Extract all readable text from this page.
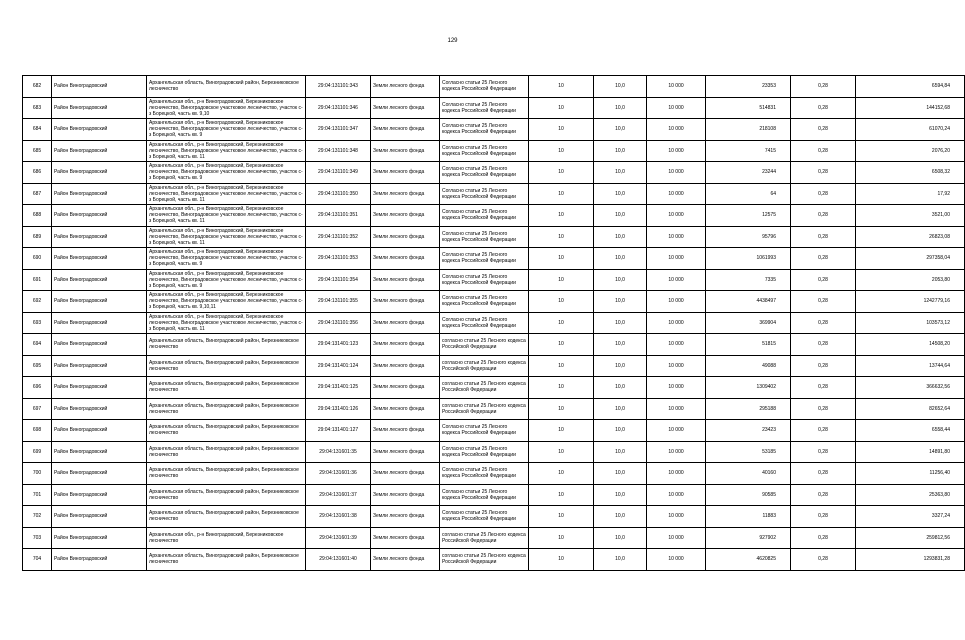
129
682	Район Виноградовский	Архангельская область, Виноградовский район, Березниковское лесничество	29:04:131101:343	Земли лесного фонда	Согласно статьи 25 Лесного кодекса Российской Федерации	10	10,0	10 000	23353	0,28	6594,84
683	Район Виноградовский	Архангельская обл., р-н Виноградовский, Березниковское лесничество, Виноградовское участковое лесничество, участок с-з Борецкой, часть кв. 9,10	29:04:131101:346	Земли лесного фонда	Согласно статьи 25 Лесного кодекса Российской Федерации	10	10,0	10 000	514831	0,28	144152,68
684	Район Виноградовский	Архангельская обл., р-н Виноградовский, Березниковское лесничество, Виноградовское участковое лесничество, участок с-з Борецкой, часть кв. 9	29:04:131101:347	Земли лесного фонда	Согласно статьи 25 Лесного кодекса Российской Федерации	10	10,0	10 000	218108	0,28	61070,24
685	Район Виноградовский	Архангельская обл., р-н Виноградовский, Березниковское лесничество, Виноградовское участковое лесничество, участок с-з Борецкой, часть кв. 11	29:04:131101:348	Земли лесного фонда	Согласно статьи 25 Лесного кодекса Российской Федерации	10	10,0	10 000	7415	0,28	2076,20
686	Район Виноградовский	Архангельская обл., р-н Виноградовский, Березниковское лесничество, Виноградовское участковое лесничество, участок с-з Борецкой, часть кв. 9	29:04:131101:349	Земли лесного фонда	Согласно статьи 25 Лесного кодекса Российской Федерации	10	10,0	10 000	23244	0,28	6508,32
687	Район Виноградовский	Архангельская обл., р-н Виноградовский, Березниковское лесничество, Виноградовское участковое лесничество, участок с-з Борецкой, часть кв. 11	29:04:131101:350	Земли лесного фонда	Согласно статьи 25 Лесного кодекса Российской Федерации	10	10,0	10 000	64	0,28	17,92
688	Район Виноградовский	Архангельская обл., р-н Виноградовский, Березниковское лесничество, Виноградовское участковое лесничество, участок с-з Борецкой, часть кв. 11	29:04:131101:351	Земли лесного фонда	Согласно статьи 25 Лесного кодекса Российской Федерации	10	10,0	10 000	12575	0,28	3521,00
689	Район Виноградовский	Архангельская обл., р-н Виноградовский, Березниковское лесничество, Виноградовское участковое лесничество, участок с-з Борецкой, часть кв. 11	29:04:131101:352	Земли лесного фонда	Согласно статьи 25 Лесного кодекса Российской Федерации	10	10,0	10 000	95796	0,28	26823,08
690	Район Виноградовский	Архангельская обл., р-н Виноградовский, Березниковское лесничество, Виноградовское участковое лесничество, участок с-з Борецкой, часть кв. 9	29:04:131101:353	Земли лесного фонда	Согласно статьи 25 Лесного кодекса Российской Федерации	10	10,0	10 000	1061993	0,28	297358,04
691	Район Виноградовский	Архангельская обл., р-н Виноградовский, Березниковское лесничество, Виноградовское участковое лесничество, участок с-з Борецкой, часть кв. 9	29:04:131101:354	Земли лесного фонда	Согласно статьи 25 Лесного кодекса Российской Федерации	10	10,0	10 000	7335	0,28	2053,80
692	Район Виноградовский	Архангельская обл., р-н Виноградовский, Березниковское лесничество, Виноградовское участковое лесничество, участок с-з Борецкой, часть кв. 9,10,11	29:04:131101:355	Земли лесного фонда	Согласно статьи 25 Лесного кодекса Российской Федерации	10	10,0	10 000	4438497	0,28	1242779,16
693	Район Виноградовский	Архангельская обл., р-н Виноградовский, Березниковское лесничество, Виноградовское участковое лесничество, участок с-з Борецкой, часть кв. 11	29:04:131101:356	Земли лесного фонда	Согласно статьи 25 Лесного кодекса Российской Федерации	10	10,0	10 000	369904	0,28	103573,12
694	Район Виноградовский	Архангельская область, Виноградовский район, Березниковское лесничество	29:04:131401:123	Земли лесного фонда	согласно статьи 25 Лесного кодекса Российской Федерации	10	10,0	10 000	51815	0,28	14508,20
695	Район Виноградовский	Архангельская область, Виноградовский район, Березниковское лесничество	29:04:131401:124	Земли лесного фонда	согласно статьи 25 Лесного кодекса Российской Федерации	10	10,0	10 000	49088	0,28	13744,64
696	Район Виноградовский	Архангельская область, Виноградовский район, Березниковское лесничество	29:04:131401:125	Земли лесного фонда	согласно статьи 25 Лесного кодекса Российской Федерации	10	10,0	10 000	1309402	0,28	366632,56
697	Район Виноградовский	Архангельская область, Виноградовский район, Березниковское лесничество	29:04:131401:126	Земли лесного фонда	согласно статьи 25 Лесного кодекса Российской Федерации	10	10,0	10 000	295188	0,28	82652,64
698	Район Виноградовский	Архангельская область, Виноградовский район, Березниковское лесничество	29:04:131401:127	Земли лесного фонда	Согласно статьи 25 Лесного кодекса Российской Федерации	10	10,0	10 000	23423	0,28	6558,44
699	Район Виноградовский	Архангельская область, Виноградовский район, Березниковское лесничество	29:04:131601:35	Земли лесного фонда	Согласно статьи 25 Лесного кодекса Российской Федерации	10	10,0	10 000	53185	0,28	14891,80
700	Район Виноградовский	Архангельская область, Виноградовский район, Березниковское лесничество	29:04:131601:36	Земли лесного фонда	Согласно статьи 25 Лесного кодекса Российской Федерации	10	10,0	10 000	40160	0,28	11256,40
701	Район Виноградовский	Архангельская область, Виноградовский район, Березниковское лесничество	29:04:131601:37	Земли лесного фонда	Согласно статьи 25 Лесного кодекса Российской Федерации	10	10,0	10 000	90585	0,28	25363,80
702	Район Виноградовский	Архангельская область, Виноградовский район, Березниковское лесничество	29:04:131601:38	Земли лесного фонда	Согласно статьи 25 Лесного кодекса Российской Федерации	10	10,0	10 000	11883	0,28	3327,24
703	Район Виноградовский	Архангельская обл., р-н Виноградовский, Березниковское лесничество	29:04:131601:39	Земли лесного фонда	согласно статьи 25 Лесного кодекса Российской Федерации	10	10,0	10 000	927902	0,28	259812,56
704	Район Виноградовский	Архангельская область, Виноградовский район, Березниковское лесничество	29:04:131601:40	Земли лесного фонда	согласно статьи 25 Лесного кодекса Российской Федерации	10	10,0	10 000	4620825	0,28	1293831,28
